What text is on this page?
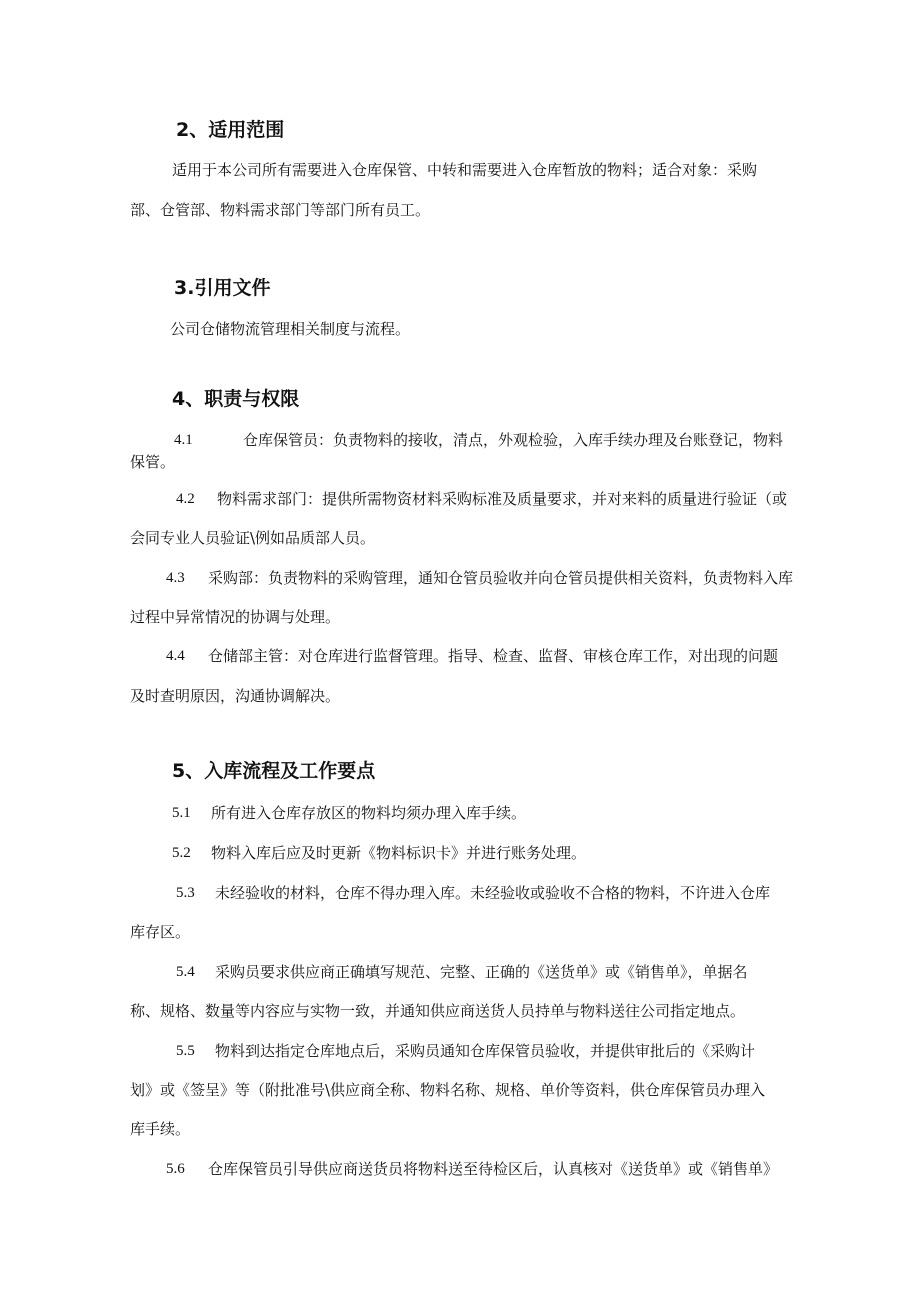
2、适用范围
适用于本公司所有需要进入仓库保管、中转和需要进入仓库暂放的物料；适合对象：采购
部、仓管部、物料需求部门等部门所有员工。
3.引用文件
公司仓储物流管理相关制度与流程。
4、职责与权限
4.1	仓库保管员：负责物料的接收，清点，外观检验，入库手续办理及台账登记，物料
保管。
4.2 物料需求部门：提供所需物资材料采购标准及质量要求，并对来料的质量进行验证（或
会同专业人员验证\例如品质部人员。
4.3 采购部：负责物料的采购管理，通知仓管员验收并向仓管员提供相关资料，负责物料入库
过程中异常情况的协调与处理。
4.4 仓储部主管：对仓库进行监督管理。指导、检查、监督、审核仓库工作，对出现的问题
及时查明原因，沟通协调解决。
5、入库流程及工作要点
5.1 所有进入仓库存放区的物料均须办理入库手续。
5.2 物料入库后应及时更新《物料标识卡》并进行账务处理。
5.3 未经验收的材料，仓库不得办理入库。未经验收或验收不合格的物料，不许进入仓库
库存区。
5.4 采购员要求供应商正确填写规范、完整、正确的《送货单》或《销售单》，单据名
称、规格、数量等内容应与实物一致，并通知供应商送货人员持单与物料送往公司指定地点。
5.5 物料到达指定仓库地点后，采购员通知仓库保管员验收，并提供审批后的《采购计
划》或《签呈》等（附批准号\供应商全称、物料名称、规格、单价等资料，供仓库保管员办理入
库手续。
5.6 仓库保管员引导供应商送货员将物料送至待检区后，认真核对《送货单》或《销售单》
